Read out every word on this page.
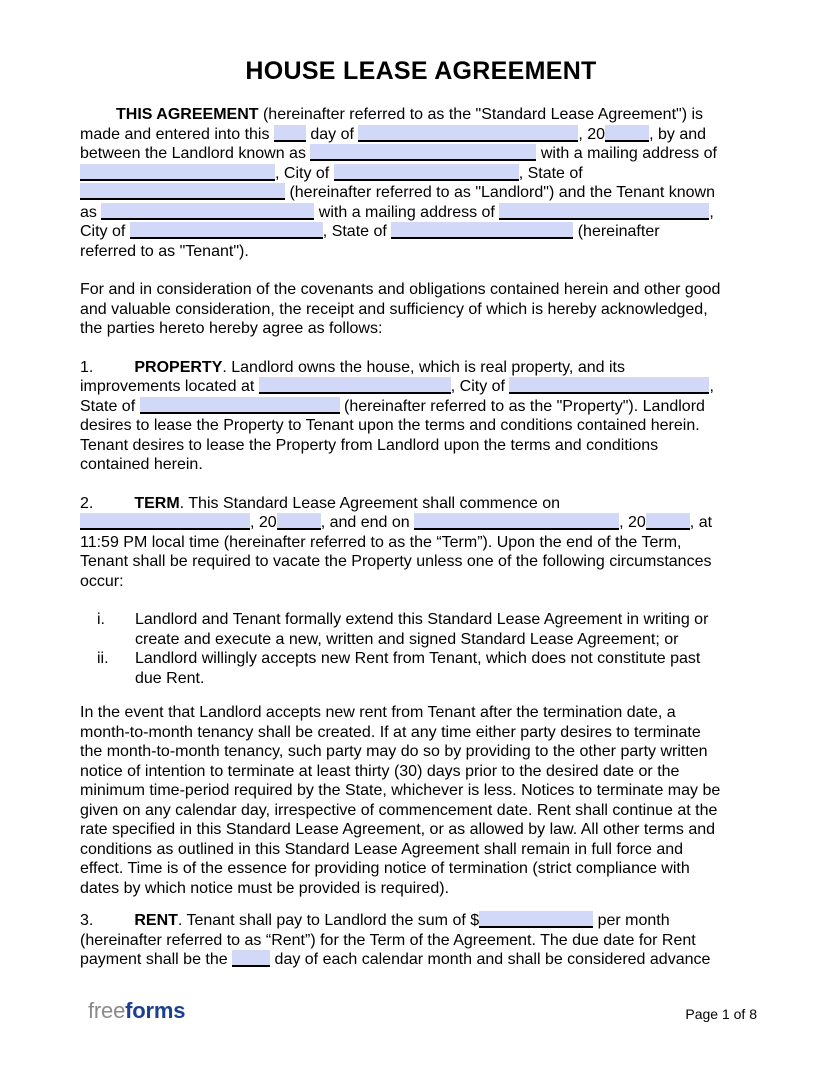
HOUSE LEASE AGREEMENT
THIS AGREEMENT (hereinafter referred to as the "Standard Lease Agreement") is
made and entered into this  day of	, 20	, by and
between the Landlord known as	with a mailing address of
, City of	, State of
(hereinafter referred to as "Landlord") and the Tenant known
as	with a mailing address of	,
City of	, State of	(hereinafter
referred to as "Tenant").
For and in consideration of the covenants and obligations contained herein and other good
and valuable consideration, the receipt and sufficiency of which is hereby acknowledged,
the parties hereto hereby agree as follows:
1.	PROPERTY. Landlord owns the house, which is real property, and its
improvements located at	, City of	,
State of	(hereinafter referred to as the "Property"). Landlord
desires to lease the Property to Tenant upon the terms and conditions contained herein.
Tenant desires to lease the Property from Landlord upon the terms and conditions
contained herein.
2.	TERM. This Standard Lease Agreement shall commence on
, 20	, and end on	, 20	, at
11:59 PM local time (hereinafter referred to as the “Term”). Upon the end of the Term,
Tenant shall be required to vacate the Property unless one of the following circumstances
occur:
i. Landlord and Tenant formally extend this Standard Lease Agreement in writing or
create and execute a new, written and signed Standard Lease Agreement; or
ii. Landlord willingly accepts new Rent from Tenant, which does not constitute past
due Rent.
In the event that Landlord accepts new rent from Tenant after the termination date, a
month-to-month tenancy shall be created. If at any time either party desires to terminate
the month-to-month tenancy, such party may do so by providing to the other party written
notice of intention to terminate at least thirty (30) days prior to the desired date or the
minimum time-period required by the State, whichever is less. Notices to terminate may be
given on any calendar day, irrespective of commencement date. Rent shall continue at the
rate specified in this Standard Lease Agreement, or as allowed by law. All other terms and
conditions as outlined in this Standard Lease Agreement shall remain in full force and
effect. Time is of the essence for providing notice of termination (strict compliance with
dates by which notice must be provided is required).
3.	RENT. Tenant shall pay to Landlord the sum of $	per month
(hereinafter referred to as “Rent”) for the Term of the Agreement. The due date for Rent
payment shall be the  day of each calendar month and shall be considered advance
freeforms	Page 1 of 8
